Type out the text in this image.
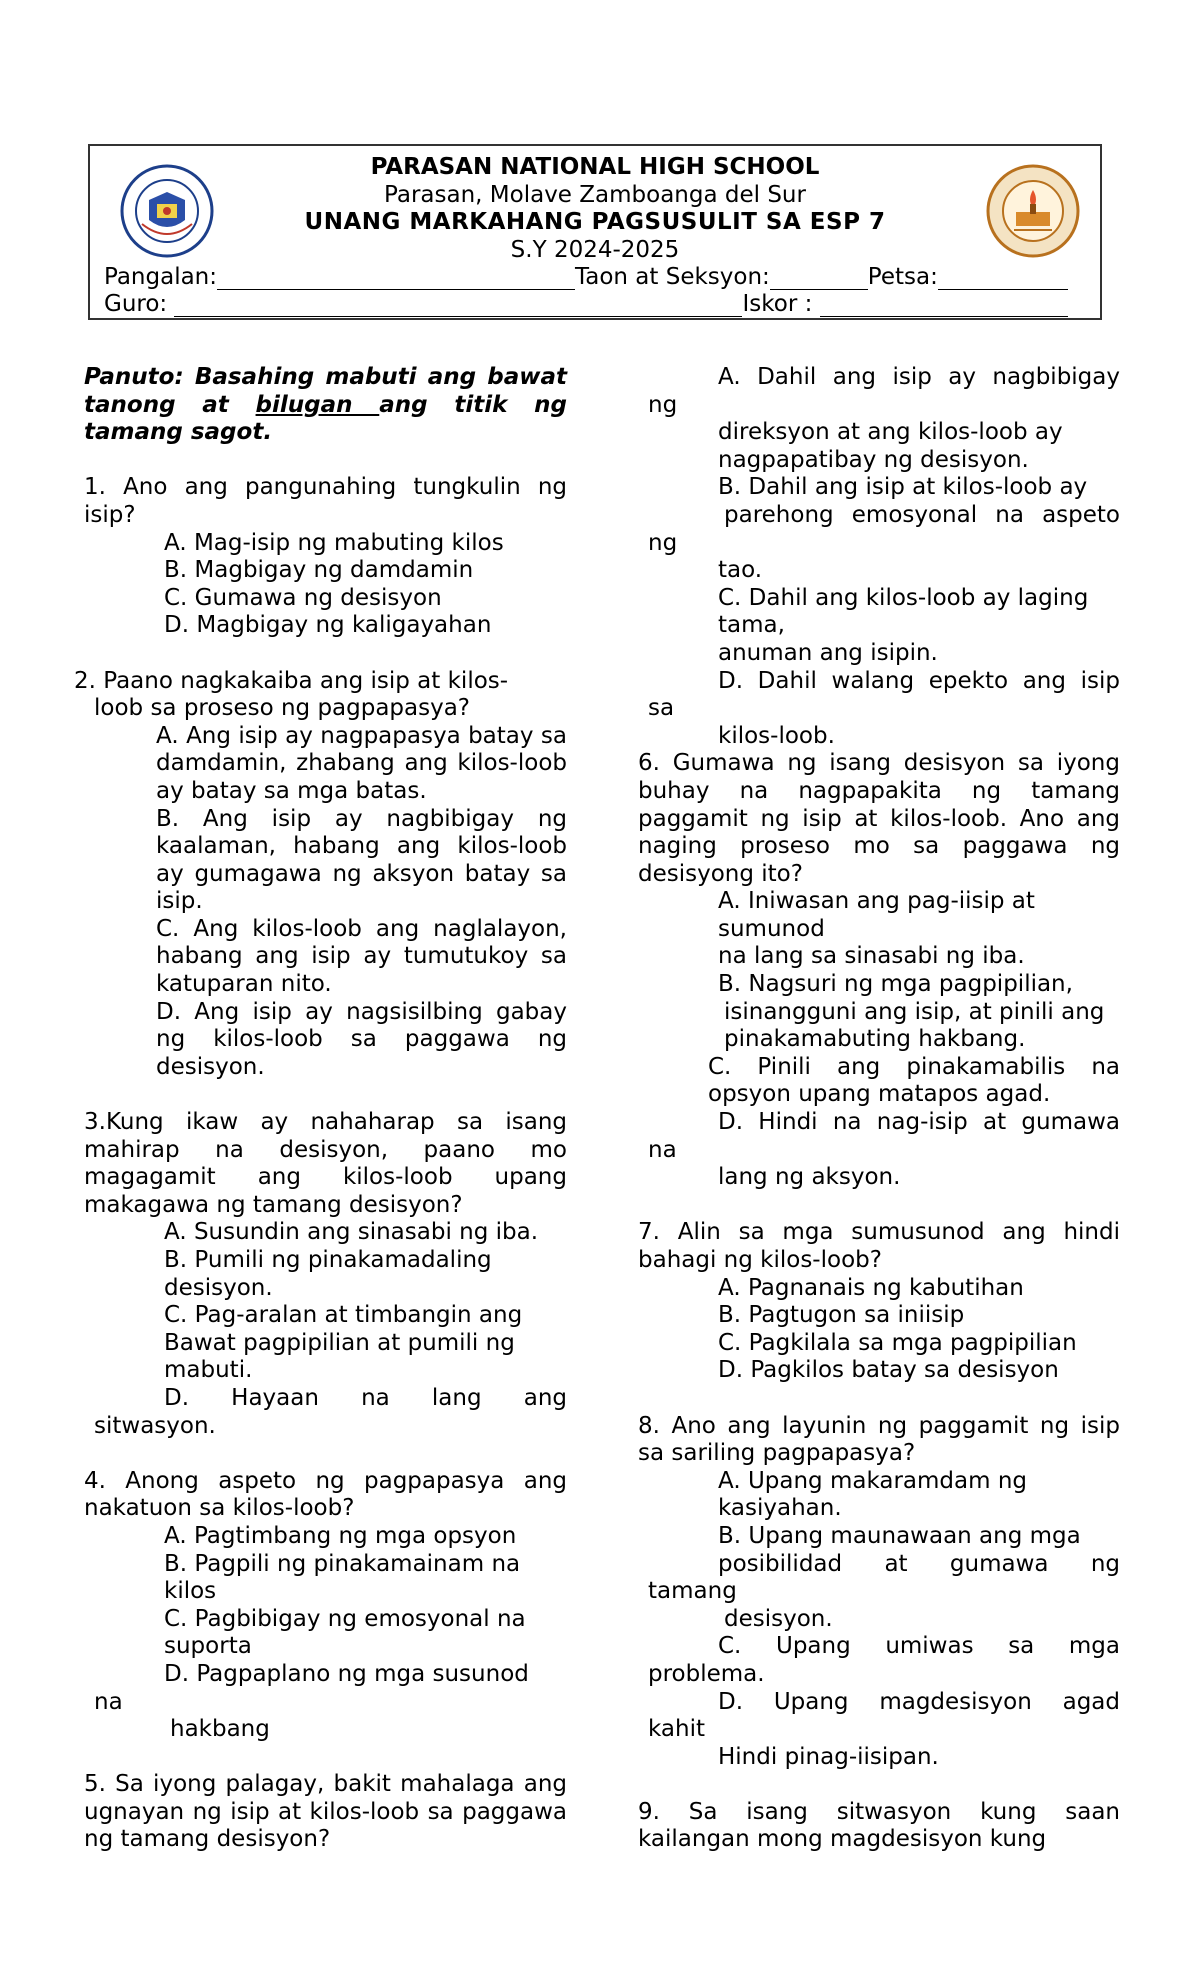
PARASAN NATIONAL HIGH SCHOOL
Parasan, Molave Zamboanga del Sur
UNANG MARKAHANG PAGSUSULIT SA ESP 7
S.Y 2024-2025
Pangalan:	Taon at Seksyon:	Petsa:
Guro:	Iskor :

Panuto: Basahing mabuti ang bawat tanong at bilugan ang titik ng tamang sagot.

1. Ano ang pangunahing tungkulin ng isip?

A. Mag-isip ng mabuting kilos

B. Magbigay ng damdamin

C. Gumawa ng desisyon

D. Magbigay ng kaligayahan

2. Paano nagkakaiba ang isip at kilos-

loob sa proseso ng pagpapasya?

A. Ang isip ay nagpapasya batay sa damdamin, zhabang ang kilos-loob ay batay sa mga batas.

B. Ang isip ay nagbibigay ng kaalaman, habang ang kilos-loob ay gumagawa ng aksyon batay sa isip.

C. Ang kilos-loob ang naglalayon, habang ang isip ay tumutukoy sa katuparan nito.

D. Ang isip ay nagsisilbing gabay ng kilos-loob sa paggawa ng desisyon.

3.Kung ikaw ay nahaharap sa isang mahirap na desisyon, paano mo magagamit ang kilos-loob upang makagawa ng tamang desisyon?

A. Susundin ang sinasabi ng iba.

B. Pumili ng pinakamadaling

desisyon.

C. Pag-aralan at timbangin ang

Bawat pagpipilian at pumili ng

mabuti.

D. Hayaan na lang ang

sitwasyon.

4. Anong aspeto ng pagpapasya ang nakatuon sa kilos-loob?

A. Pagtimbang ng mga opsyon

B. Pagpili ng pinakamainam na

kilos

C. Pagbibigay ng emosyonal na

suporta

D. Pagpaplano ng mga susunod

na

hakbang

5. Sa iyong palagay, bakit mahalaga ang ugnayan ng isip at kilos-loob sa paggawa ng tamang desisyon?

A. Dahil ang isip ay nagbibigay

ng

direksyon at ang kilos-loob ay

nagpapatibay ng desisyon.

B. Dahil ang isip at kilos-loob ay

parehong emosyonal na aspeto

ng

tao.

C. Dahil ang kilos-loob ay laging

tama,

anuman ang isipin.

D. Dahil walang epekto ang isip

sa

kilos-loob.

6. Gumawa ng isang desisyon sa iyong buhay na nagpapakita ng tamang paggamit ng isip at kilos-loob. Ano ang naging proseso mo sa paggawa ng desisyong ito?

A. Iniwasan ang pag-iisip at

sumunod

na lang sa sinasabi ng iba.

B. Nagsuri ng mga pagpipilian,

isinangguni ang isip, at pinili ang

pinakamabuting hakbang.

C. Pinili ang pinakamabilis na

opsyon upang matapos agad.

D. Hindi na nag-isip at gumawa

na

lang ng aksyon.

7. Alin sa mga sumusunod ang hindi bahagi ng kilos-loob?

A. Pagnanais ng kabutihan

B. Pagtugon sa iniisip

C. Pagkilala sa mga pagpipilian

D. Pagkilos batay sa desisyon

8. Ano ang layunin ng paggamit ng isip sa sariling pagpapasya?

A. Upang makaramdam ng

kasiyahan.

B. Upang maunawaan ang mga

posibilidad at gumawa ng

tamang

desisyon.

C. Upang umiwas sa mga

problema.

D. Upang magdesisyon agad

kahit

Hindi pinag-iisipan.

9. Sa isang sitwasyon kung saan kailangan mong magdesisyon kung
